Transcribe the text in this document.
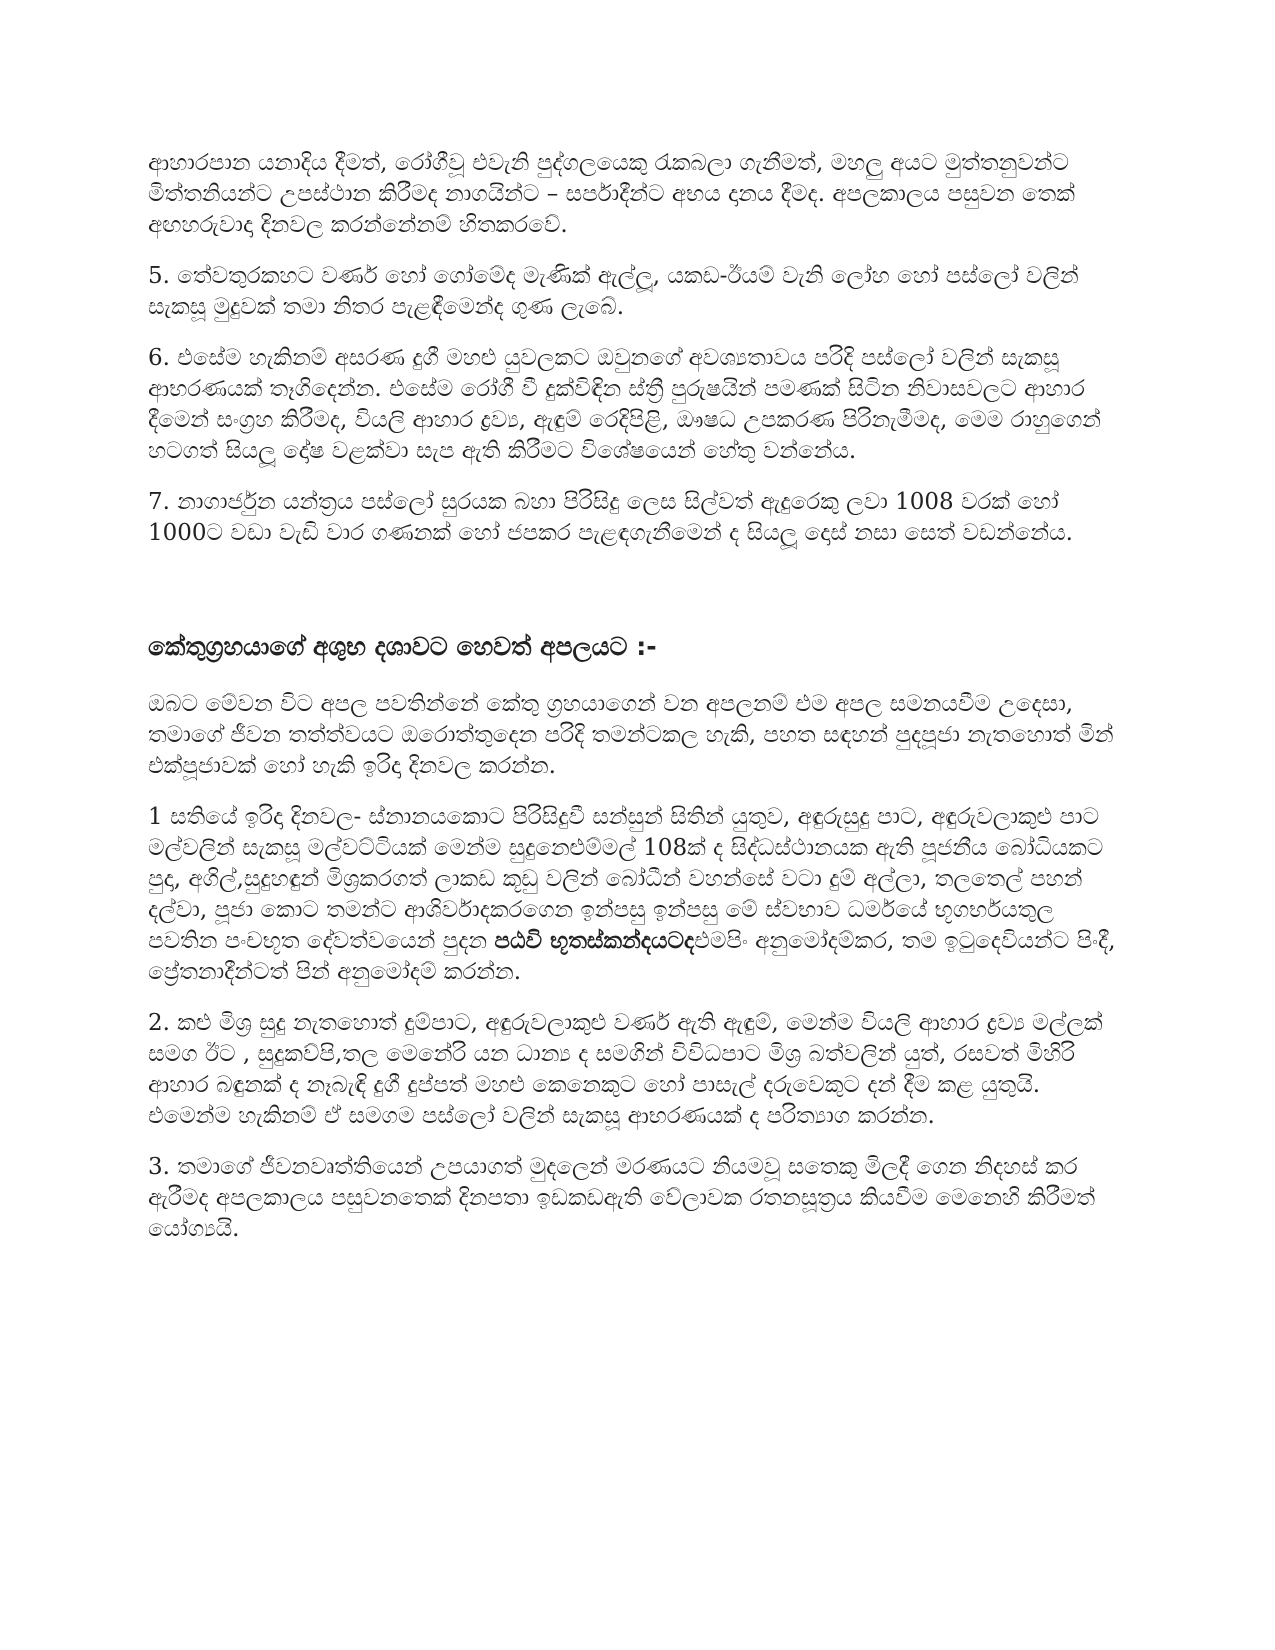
ආහාරපාන යනාදිය දීමත්, රෝගීවූ එවැනි පුද්ගලයෙකු රැකබලා ගැනීමත්, මහලු අයට මුත්තනුවන්ට මිත්තනියන්ට උපස්ථාන කිරීමද නාගයින්ට – සර්පාදීන්ට අභය දානය දීමද. අපලකාලය පසුවන තෙක් අඟහරුවාදා දිනවල කරන්නේනම් හිතකරවේ.

5. තේවතුරකහට වර්ණ හෝ ගෝමේද මැණික් ඇල්ලූ, යකඩ-ඊයම් වැනි ලෝහ හෝ පස්ලෝ වලින් සැකසූ මුදුවක් තමා නිතර පැළඳීමෙන්ද ගුණ ලැබේ.

6. එසේම හැකිනම් අසරණ දුගී මහළු යුවලකට ඔවුනගේ අවශ්‍යතාවය පරිදි පස්ලෝ වලින් සැකසූ ආභරණයක් තෑගිදෙන්න. එසේම රෝගී වී දුක්විඳින ස්ත්‍රී පුරුෂයින් පමණක් සිටින නිවාසවලට ආහාර දීමෙන් සංග්‍රහ කිරීමද, වියලි ආහාර ද්‍රව්‍ය, ඇඳුම් රෙදිපිළි, ඖෂධ උපකරණ පිරිනැමීමද, මෙම රාහුගෙන් හටගත් සියලූ දෝෂ වළක්වා සැප ඇති කිරීමට විශේෂයෙන් හේතු වන්නේය.

7. නාගාර්ජුන යන්ත්‍රය පස්ලෝ සුරයක බහා පිරිසිදු ලෙස සිල්වත් ඇදුරෙකු ලවා 1008 වරක් හෝ 1000ට වඩා වැඩි වාර ගණනක් හෝ ජපකර පැළඳගැනීමෙන් ද සියලූ දොස් නසා සෙත් වඩන්නේය.

කේතුග්‍රහයාගේ අශුභ දශාවට හෙවත් අපලයට :-

ඔබට මේවන විට අපල පවතින්නේ කේතු ග්‍රහයාගෙන් වන අපලනම් එම අපල සමනයවීම උදෙසා, තමාගේ ජීවන තත්ත්වයට ඔරොත්තුදෙන පරිදි තමන්ටකල හැකි, පහත සඳහන් පුදපූජා නැතහොත් මින් එක්පූජාවක් හෝ හැකි ඉරිදා දිනවල කරන්න.

1 සතියේ ඉරිදා දිනවල- ස්නානයකොට පිරිසිදුවී සන්සුන් සිතින් යුතුව, අඳුරුසුදු පාට, අඳුරුවලාකුළු පාට මල්වලින් සැකසූ මල්වට්ටියක් මෙන්ම සුදුනෙළුම්මල් 108ක් ද සිද්ධස්ථානයක ඇති පූජනීය බෝධියකට පුදා, අගිල්,සුදුහඳුන් මිශ්‍රකරගත් ලාකඩ කූඩු වලින් බෝධීන් වහන්සේ වටා දුම් අල්ලා, තලතෙල් පහන් දල්වා, පූජා කොට තමන්ට ආශිර්වාදකරගෙන ඉන්පසු ඉන්පසු මේ ස්වභාව ධර්මයේ භූගර්භයතුල පවතින පංචභූත දේවත්වයෙන් පුදන පඨවි භූතස්කන්දයටදඑමපිං අනුමෝදම්කර, තම ඉටුදෙවියන්ට පිංදී, ප්‍රේතනාදීන්ටත් පින් අනුමෝදම් කරන්න.

2. කළු මිශ්‍ර සුදු නැතහොත් දුම්පාට, අඳුරුවලාකුළු වර්ණ ඇති ඇඳුම්, මෙන්ම වියලි ආහාර ද්‍රව්‍ය මල්ලක් සමග ඊට , සුදුකව්පි,තල මෙනේරි යන ධාන්‍ය ද සමගින් විවිධපාට මිශ්‍ර බත්වලින් යුත්, රසවත් මිහිරි ආහාර බඳුනක් ද නෑබැඳි දුගී දුප්පත් මහළු කෙනෙකුට හෝ පාසැල් දරුවෙකුට දන් දීම කළ යුතුයි. එමෙන්ම හැකිනම් ඒ සමගම පස්ලෝ වලින් සැකසූ ආභරණයක් ද පරිත්‍යාග කරන්න.

3. තමාගේ ජීවනවෘත්තියෙන් උපයාගත් මුදලෙන් මරණයට නියමවූ සතෙකු මිලදී ගෙන නිදහස් කර ඇරීමද අපලකාලය පසුවනතෙක් දිනපතා ඉඩකඩඇති වේලාවක රතනසූත්‍රය කියවීම මෙනෙහි කිරීමත් යෝග්‍යයි.
